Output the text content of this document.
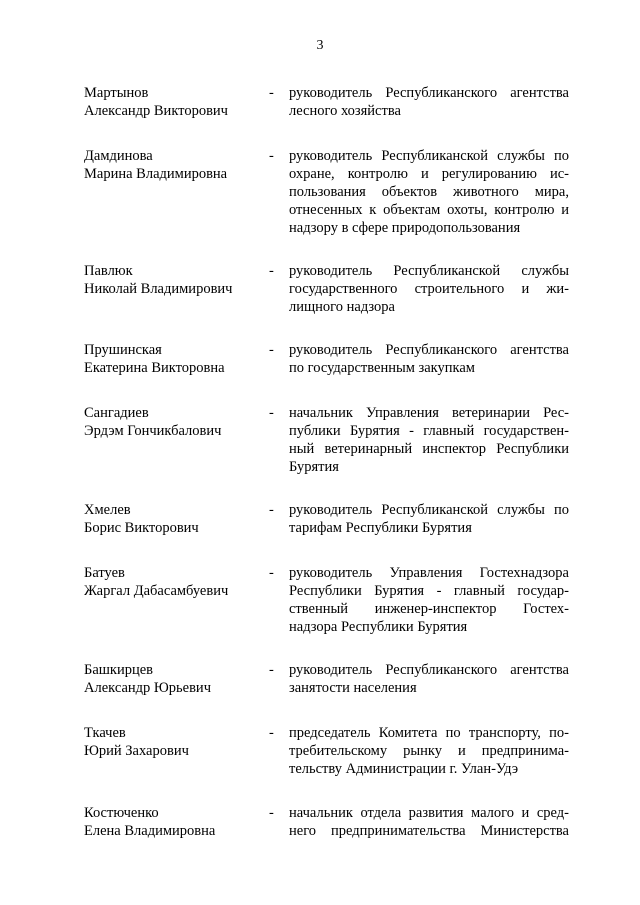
3
Мартынов
Александр Викторович
- руководитель Республиканского агентства
лесного хозяйства
Дамдинова
Марина Владимировна
- руководитель Республиканской службы по
охране, контролю и регулированию ис-
пользования объектов животного мира,
отнесенных к объектам охоты, контролю и
надзору в сфере природопользования
Павлюк
Николай Владимирович
- руководитель Республиканской службы
государственного строительного и жи-
лищного надзора
Прушинская
Екатерина Викторовна
- руководитель Республиканского агентства
по государственным закупкам
Сангадиев
Эрдэм Гончикбалович
- начальник Управления ветеринарии Рес-
публики Бурятия - главный государствен-
ный ветеринарный инспектор Республики
Бурятия
Хмелев
Борис Викторович
- руководитель Республиканской службы по
тарифам Республики Бурятия
Батуев
Жаргал Дабасамбуевич
- руководитель Управления Гостехнадзора
Республики Бурятия - главный государ-
ственный инженер-инспектор Гостех-
надзора Республики Бурятия
Башкирцев
Александр Юрьевич
- руководитель Республиканского агентства
занятости населения
Ткачев
Юрий Захарович
- председатель Комитета по транспорту, по-
требительскому рынку и предпринима-
тельству Администрации г. Улан-Удэ
Костюченко
Елена Владимировна
- начальник отдела развития малого и сред-
него предпринимательства Министерства
